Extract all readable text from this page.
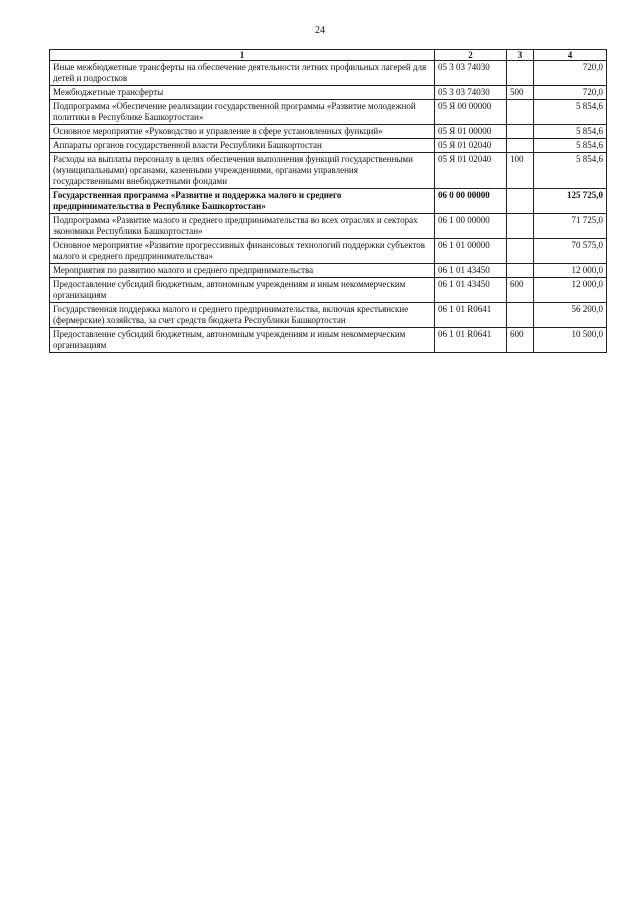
24
1	2	3	4
Иные межбюджетные трансферты на обеспечение деятельности летних профильных лагерей для детей и подростков	05 3 03 74030		720,0
Межбюджетные трансферты	05 3 03 74030	500	720,0
Подпрограмма «Обеспечение реализации государственной программы «Развитие молодежной политики в Республике Башкортостан»	05 Я 00 00000		5 854,6
Основное мероприятие «Руководство и управление в сфере установленных функций»	05 Я 01 00000		5 854,6
Аппараты органов государственной власти Республики Башкортостан	05 Я 01 02040		5 854,6
Расходы на выплаты персоналу в целях обеспечения выполнения функций государственными (муниципальными) органами, казенными учреждениями, органами управления государственными внебюджетными фондами	05 Я 01 02040	100	5 854,6
Государственная программа «Развитие и поддержка малого и среднего предпринимательства в Республике Башкортостан»	06 0 00 00000		125 725,0
Подпрограмма «Развитие малого и среднего предпринимательства во всех отраслях и секторах экономики Республики Башкортостан»	06 1 00 00000		71 725,0
Основное мероприятие «Развитие прогрессивных финансовых технологий поддержки субъектов малого и среднего предпринимательства»	06 1 01 00000		70 575,0
Мероприятия по развитию малого и среднего предпринимательства	06 1 01 43450		12 000,0
Предоставление субсидий бюджетным, автономным учреждениям и иным некоммерческим организациям	06 1 01 43450	600	12 000,0
Государственная поддержка малого и среднего предпринимательства, включая крестьянские (фермерские) хозяйства, за счет средств бюджета Республики Башкортостан	06 1 01 R0641		56 200,0
Предоставление субсидий бюджетным, автономным учреждениям и иным некоммерческим организациям	06 1 01 R0641	600	10 500,0
